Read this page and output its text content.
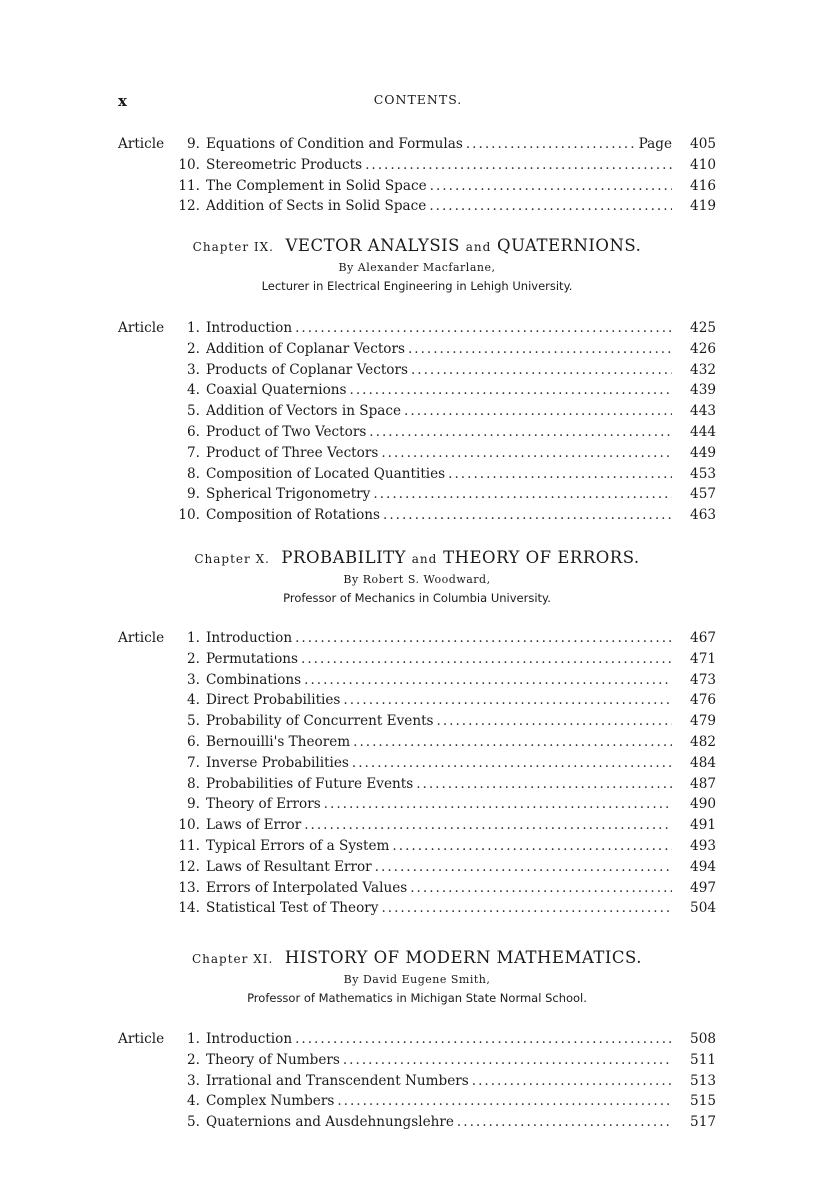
x	CONTENTS.
Article	9. Equations of Condition and Formulas .....	Page	405
10. Stereometric Products .....	410
11. The Complement in Solid Space .....	416
12. Addition of Sects in Solid Space .....	419
Chapter IX. VECTOR ANALYSIS and QUATERNIONS.
By Alexander Macfarlane,
Lecturer in Electrical Engineering in Lehigh University.
Article	1. Introduction .....	425
2. Addition of Coplanar Vectors .....	426
3. Products of Coplanar Vectors .....	432
4. Coaxial Quaternions .....	439
5. Addition of Vectors in Space .....	443
6. Product of Two Vectors .....	444
7. Product of Three Vectors .....	449
8. Composition of Located Quantities .....	453
9. Spherical Trigonometry .....	457
10. Composition of Rotations .....	463
Chapter X. PROBABILITY and THEORY OF ERRORS.
By Robert S. Woodward,
Professor of Mechanics in Columbia University.
Article	1. Introduction .....	467
2. Permutations .....	471
3. Combinations .....	473
4. Direct Probabilities .....	476
5. Probability of Concurrent Events .....	479
6. Bernouilli's Theorem .....	482
7. Inverse Probabilities .....	484
8. Probabilities of Future Events .....	487
9. Theory of Errors .....	490
10. Laws of Error .....	491
11. Typical Errors of a System .....	493
12. Laws of Resultant Error .....	494
13. Errors of Interpolated Values .....	497
14. Statistical Test of Theory .....	504
Chapter XI. HISTORY OF MODERN MATHEMATICS.
By David Eugene Smith,
Professor of Mathematics in Michigan State Normal School.
Article	1. Introduction .....	508
2. Theory of Numbers .....	511
3. Irrational and Transcendent Numbers .....	513
4. Complex Numbers .....	515
5. Quaternions and Ausdehnungslehre .....	517
